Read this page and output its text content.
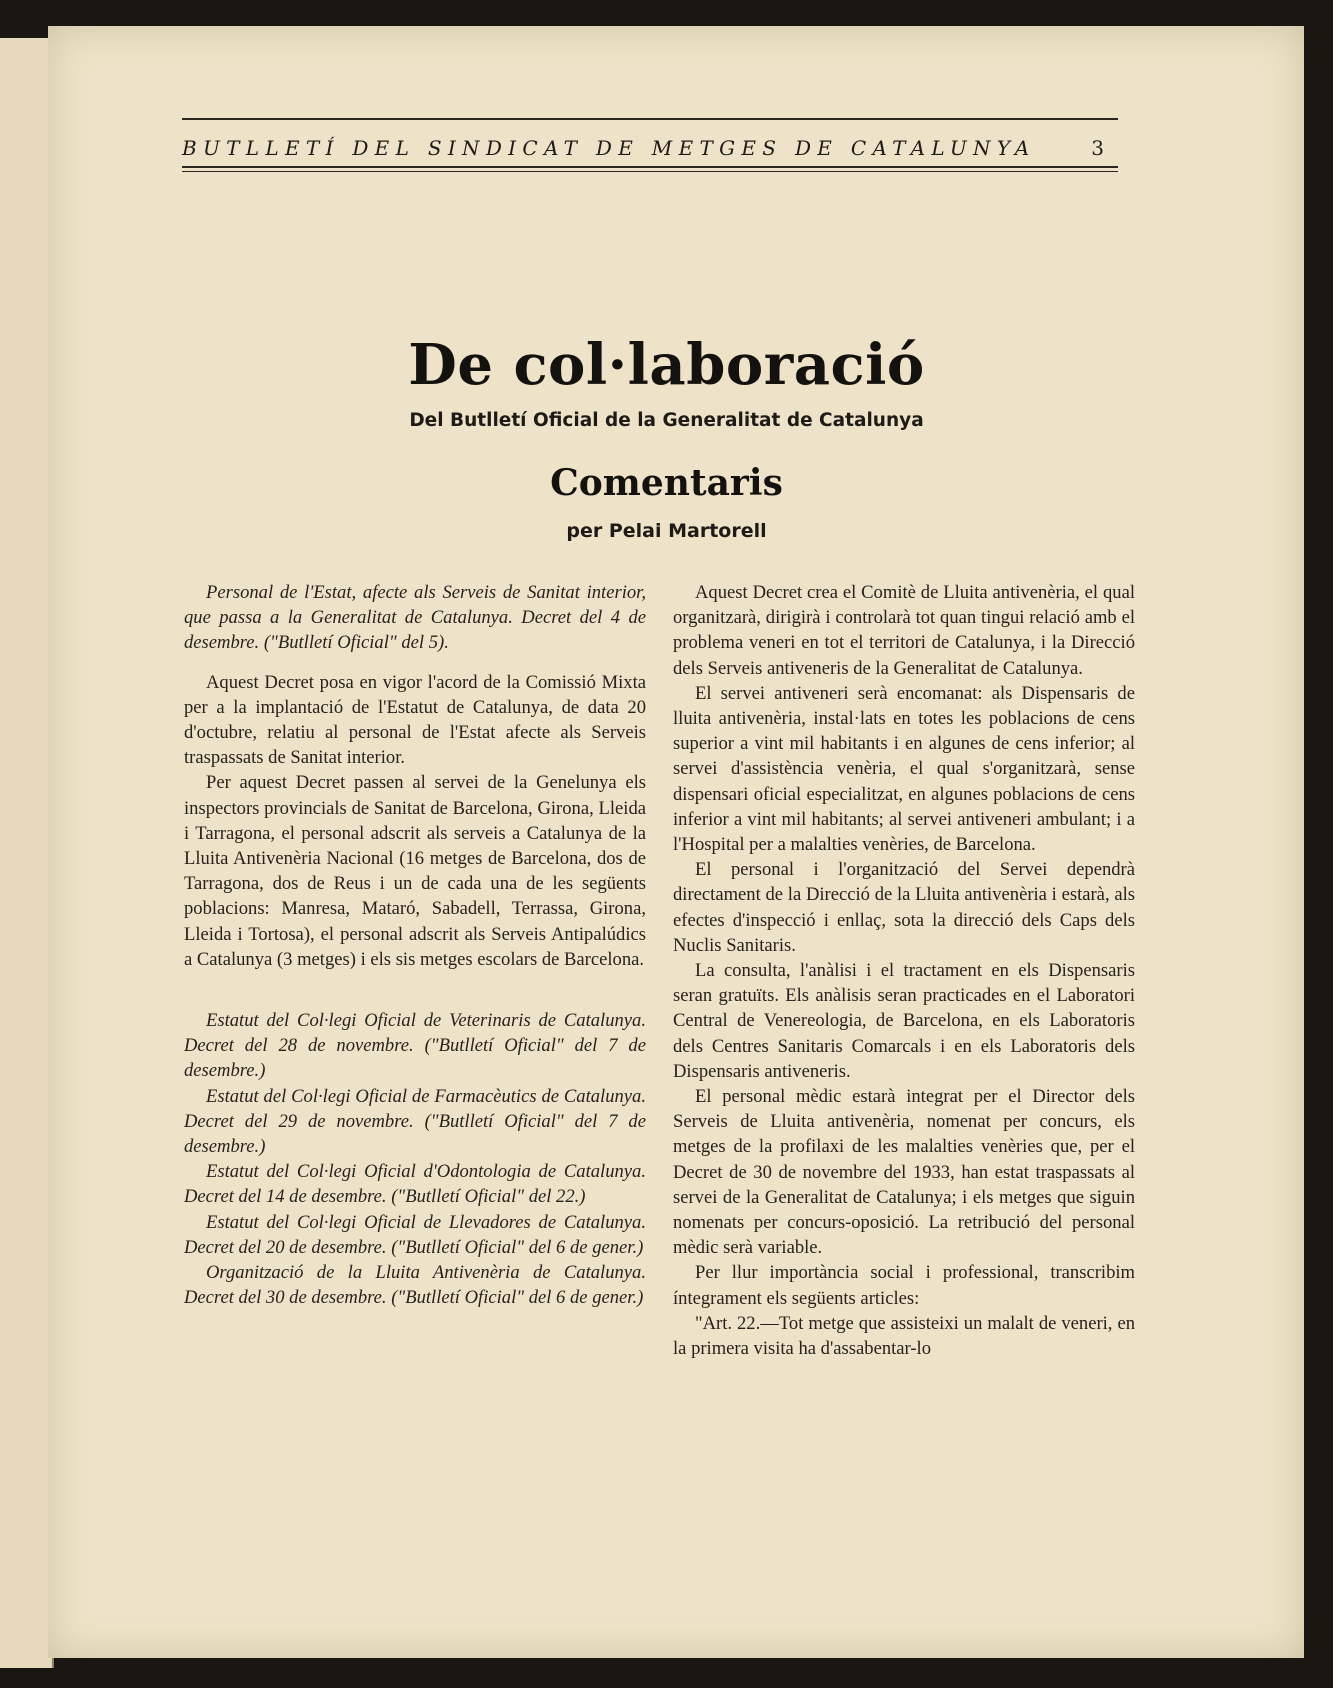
BUTLLETÍ DEL SINDICAT DE METGES DE CATALUNYA	3
De col·laboració
Del Butlletí Oficial de la Generalitat de Catalunya
Comentaris
per Pelai Martorell

Personal de l'Estat, afecte als Serveis de Sanitat interior, que passa a la Generalitat de Catalunya. Decret del 4 de desembre. ("Butlletí Oficial" del 5).

Aquest Decret posa en vigor l'acord de la Comissió Mixta per a la implantació de l'Estatut de Catalunya, de data 20 d'octubre, relatiu al personal de l'Estat afecte als Serveis traspassats de Sanitat interior.

Per aquest Decret passen al servei de la Genelunya els inspectors provincials de Sanitat de Barcelona, Girona, Lleida i Tarragona, el personal adscrit als serveis a Catalunya de la Lluita Antivenèria Nacional (16 metges de Barcelona, dos de Tarragona, dos de Reus i un de cada una de les següents poblacions: Manresa, Mataró, Sabadell, Terrassa, Girona, Lleida i Tortosa), el personal adscrit als Serveis Antipalúdics a Catalunya (3 metges) i els sis metges escolars de Barcelona.

Estatut del Col·legi Oficial de Veterinaris de Catalunya. Decret del 28 de novembre. ("Butlletí Oficial" del 7 de desembre.)

Estatut del Col·legi Oficial de Farmacèutics de Catalunya. Decret del 29 de novembre. ("Butlletí Oficial" del 7 de desembre.)

Estatut del Col·legi Oficial d'Odontologia de Catalunya. Decret del 14 de desembre. ("Butlletí Oficial" del 22.)

Estatut del Col·legi Oficial de Llevadores de Catalunya. Decret del 20 de desembre. ("Butlletí Oficial" del 6 de gener.)

Organització de la Lluita Antivenèria de Catalunya. Decret del 30 de desembre. ("Butlletí Oficial" del 6 de gener.)

Aquest Decret crea el Comitè de Lluita antivenèria, el qual organitzarà, dirigirà i controlarà tot quan tingui relació amb el problema veneri en tot el territori de Catalunya, i la Direcció dels Serveis antiveneris de la Generalitat de Catalunya.

El servei antiveneri serà encomanat: als Dispensaris de lluita antivenèria, instal·lats en totes les poblacions de cens superior a vint mil habitants i en algunes de cens inferior; al servei d'assistència venèria, el qual s'organitzarà, sense dispensari oficial especialitzat, en algunes poblacions de cens inferior a vint mil habitants; al servei antiveneri ambulant; i a l'Hospital per a malalties venèries, de Barcelona.

El personal i l'organització del Servei dependrà directament de la Direcció de la Lluita antivenèria i estarà, als efectes d'inspecció i enllaç, sota la direcció dels Caps dels Nuclis Sanitaris.

La consulta, l'anàlisi i el tractament en els Dispensaris seran gratuïts. Els anàlisis seran practicades en el Laboratori Central de Venereologia, de Barcelona, en els Laboratoris dels Centres Sanitaris Comarcals i en els Laboratoris dels Dispensaris antiveneris.

El personal mèdic estarà integrat per el Director dels Serveis de Lluita antivenèria, nomenat per concurs, els metges de la profilaxi de les malalties venèries que, per el Decret de 30 de novembre del 1933, han estat traspassats al servei de la Generalitat de Catalunya; i els metges que siguin nomenats per concurs-oposició. La retribució del personal mèdic serà variable.

Per llur importància social i professional, transcribim íntegrament els següents articles:

"Art. 22.—Tot metge que assisteixi un malalt de veneri, en la primera visita ha d'assabentar-lo
